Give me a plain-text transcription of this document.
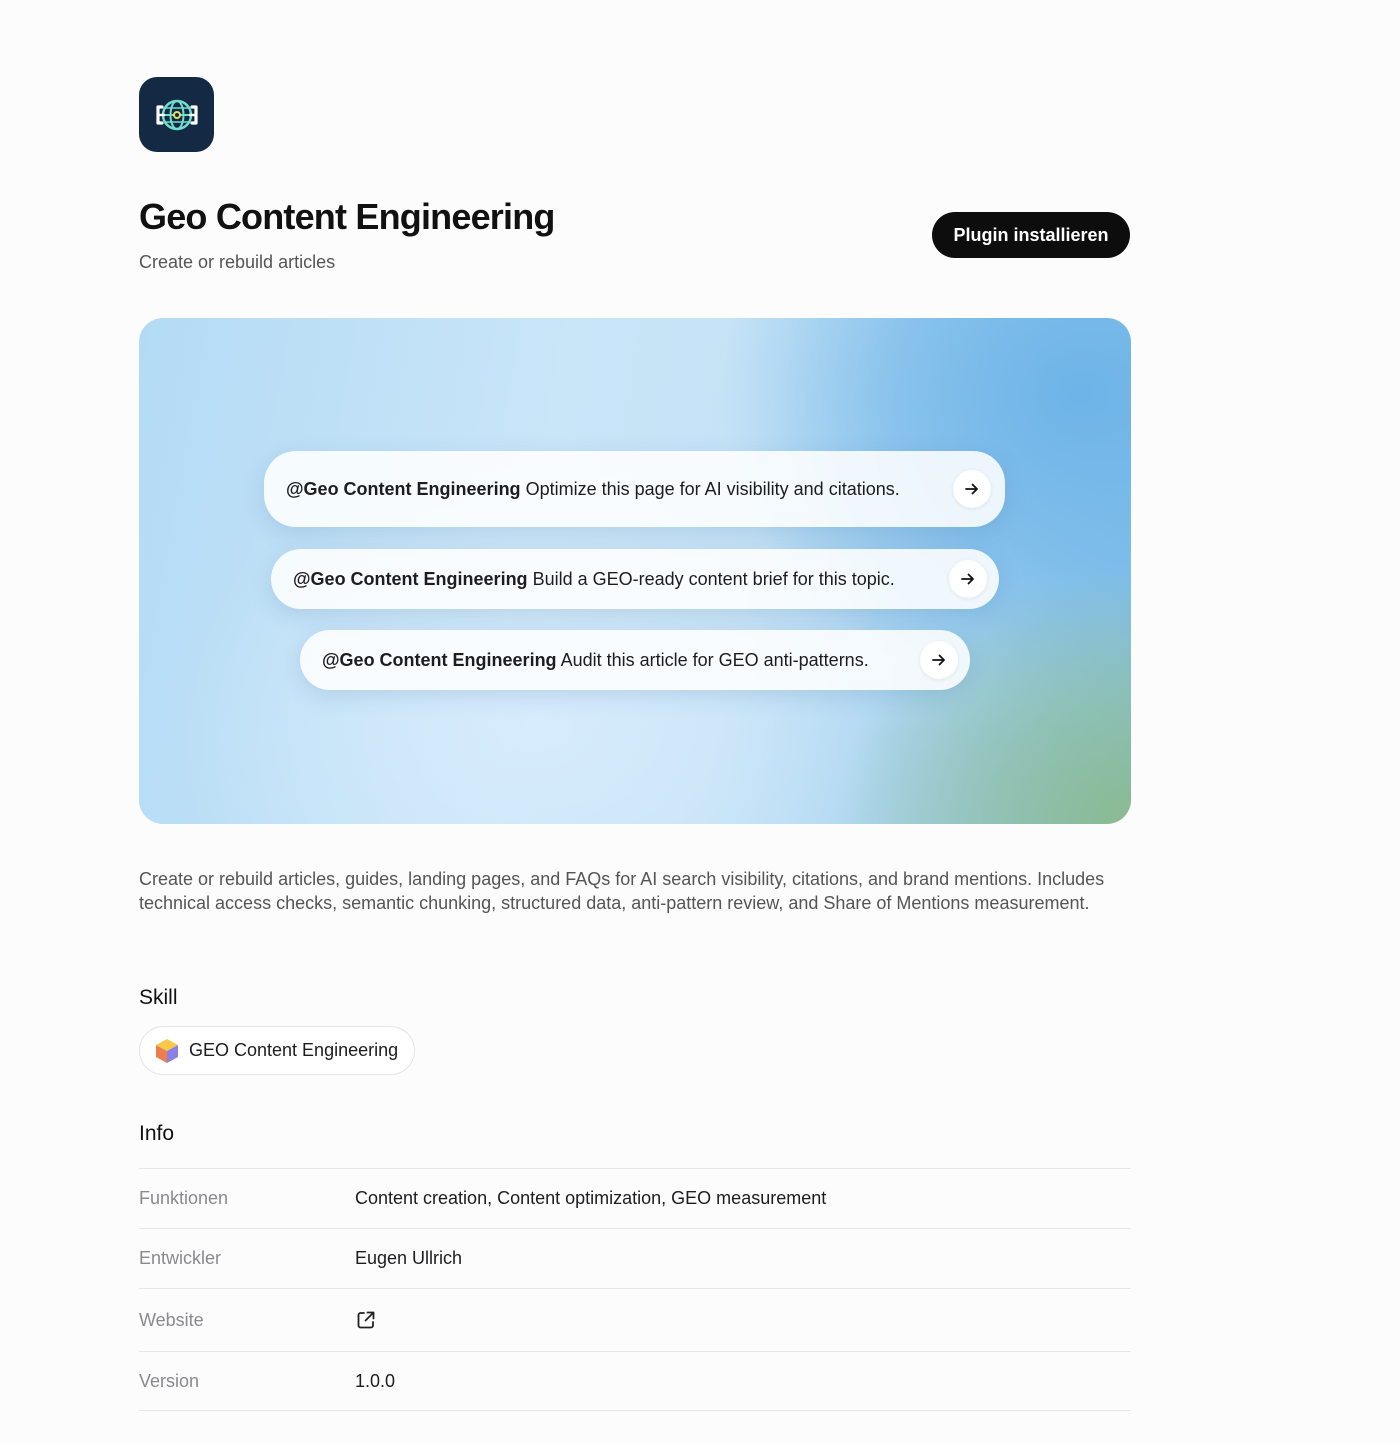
Geo Content Engineering
Create or rebuild articles
Plugin installieren
@Geo Content Engineering Optimize this page for AI visibility and citations.
@Geo Content Engineering Build a GEO-ready content brief for this topic.
@Geo Content Engineering Audit this article for GEO anti-patterns.
Create or rebuild articles, guides, landing pages, and FAQs for AI search visibility, citations, and brand mentions. Includes technical access checks, semantic chunking, structured data, anti-pattern review, and Share of Mentions measurement.
Skill
GEO Content Engineering
Info
Funktionen	Content creation, Content optimization, GEO measurement
Entwickler	Eugen Ullrich
Website
Version	1.0.0
